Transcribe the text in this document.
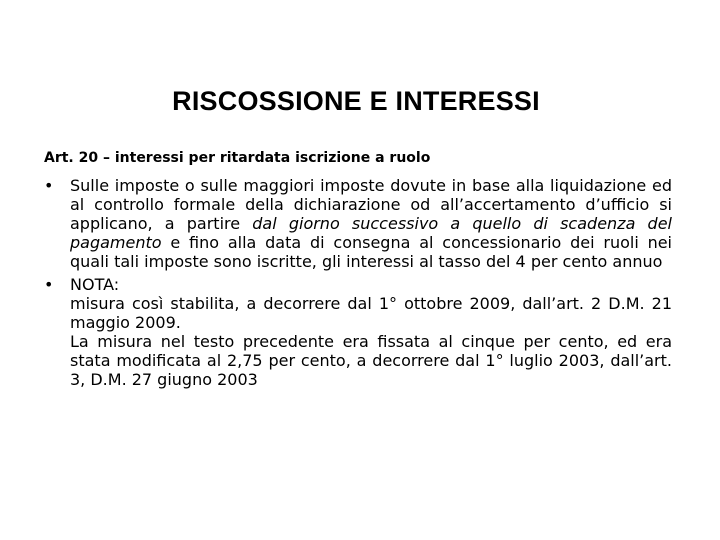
RISCOSSIONE E INTERESSI
Art. 20 – interessi per ritardata iscrizione a ruolo
• Sulle imposte o sulle maggiori imposte dovute in base alla liquidazione ed al controllo formale della dichiarazione od all’accertamento d’ufficio si applicano, a partire dal giorno successivo a quello di scadenza del pagamento e fino alla data di consegna al concessionario dei ruoli nei quali tali imposte sono iscritte, gli interessi al tasso del 4 per cento annuo

• NOTA:

misura così stabilita, a decorrere dal 1° ottobre 2009, dall’art. 2 D.M. 21 maggio 2009.

La misura nel testo precedente era fissata al cinque per cento, ed era stata modificata al 2,75 per cento, a decorrere dal 1° luglio 2003, dall’art. 3, D.M. 27 giugno 2003
